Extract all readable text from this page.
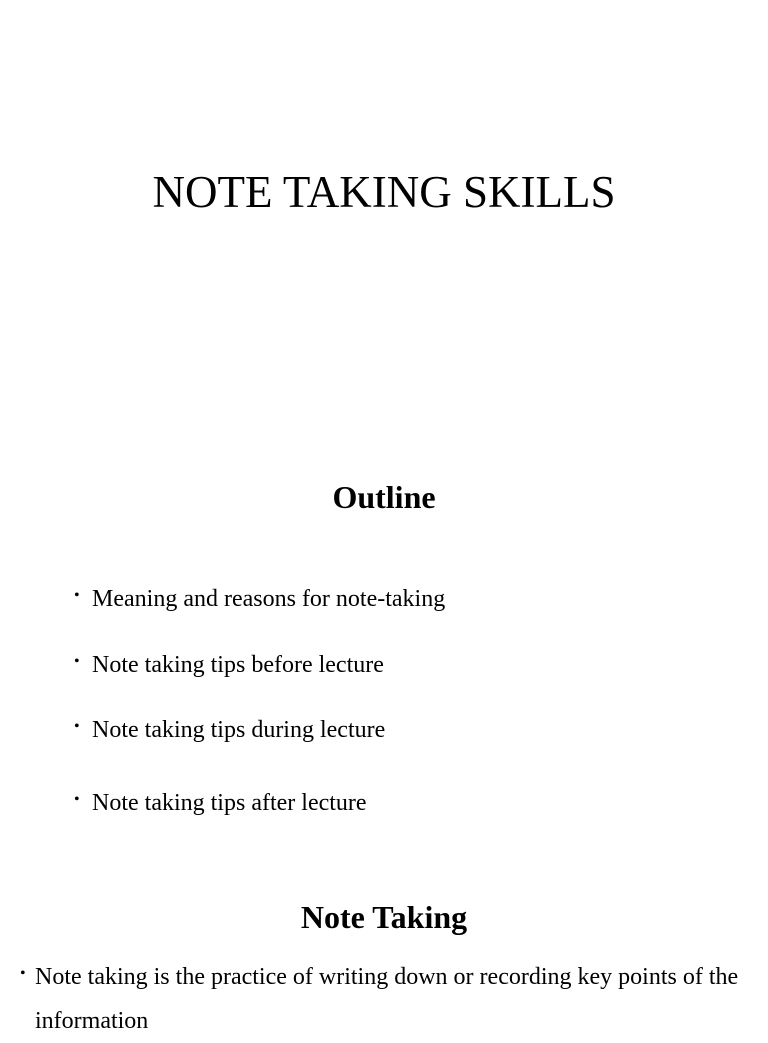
NOTE TAKING SKILLS
Outline
• Meaning and reasons for note-taking
• Note taking tips before lecture
• Note taking tips during lecture
• Note taking tips after lecture
Note Taking
• Note taking is the practice of writing down or recording key points of the information
